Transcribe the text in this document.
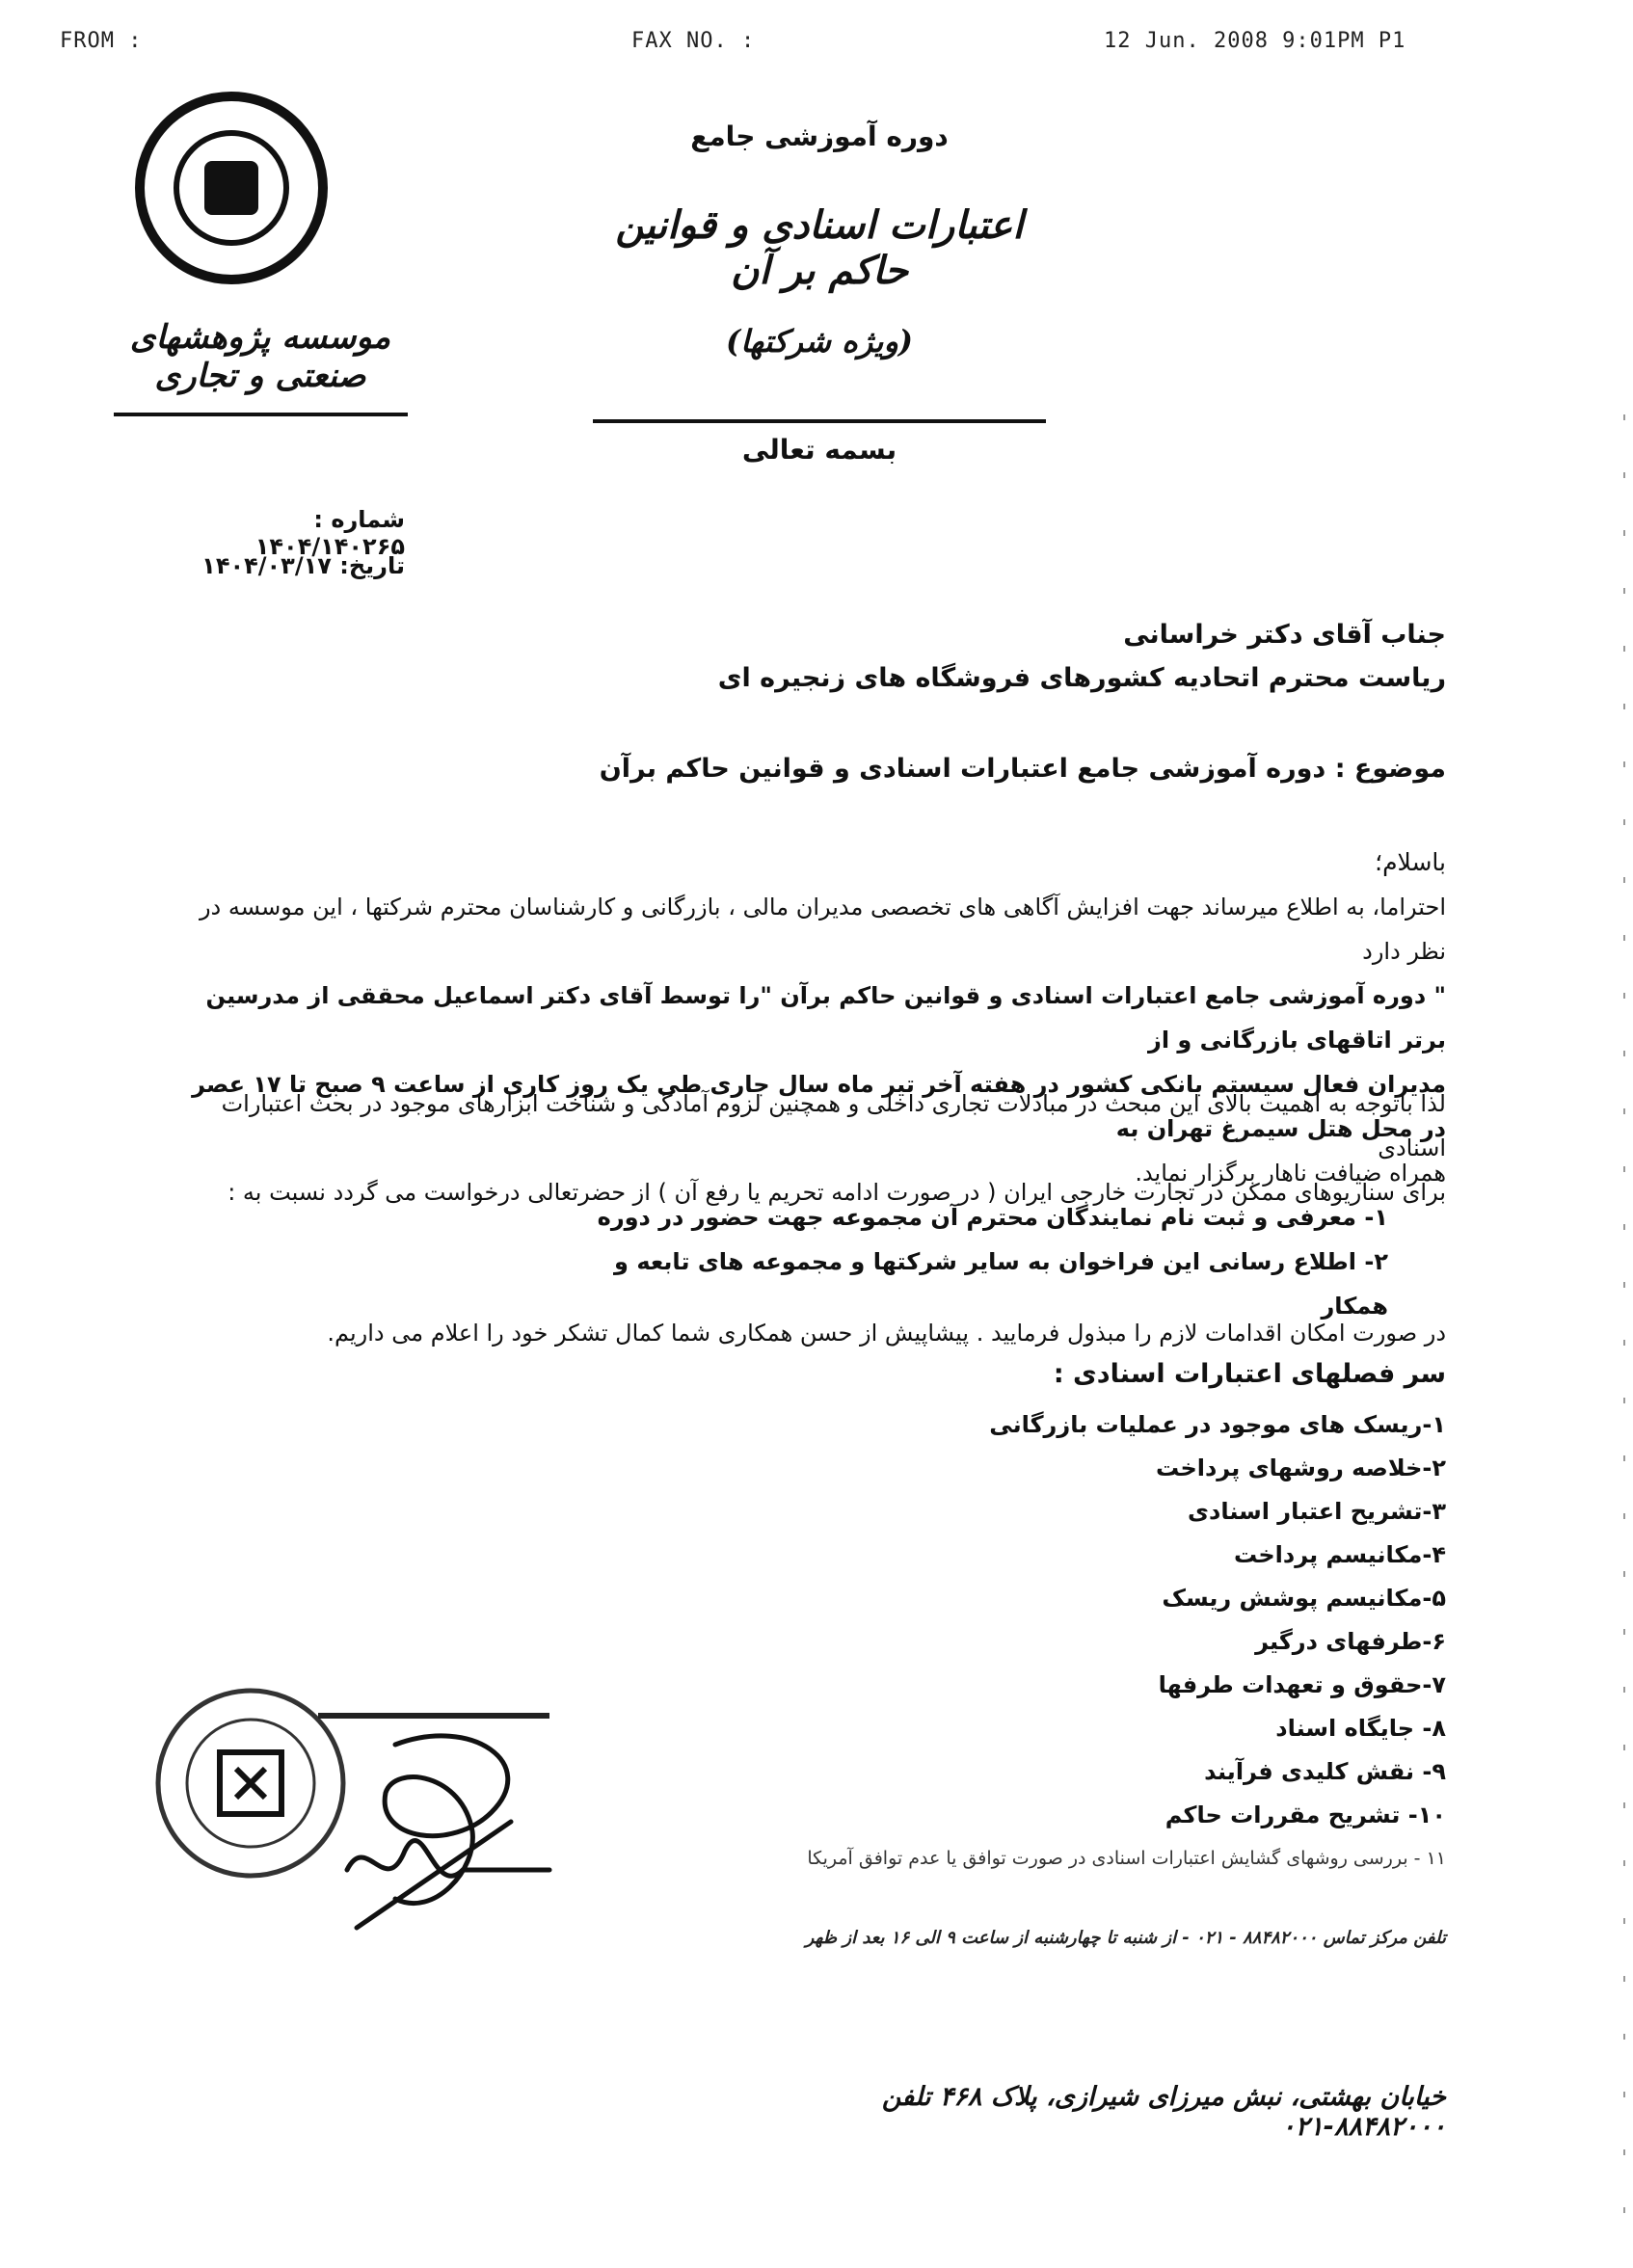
FROM :	FAX NO. :	12 Jun. 2008 9:01PM P1
موسسه پژوهشهای صنعتی و تجاری
دوره آموزشی جامع
اعتبارات اسنادی و قوانین حاکم بر آن
(ویژه شرکتها)
بسمه تعالی
شماره : ۱۴۰۴/۱۴۰۲۶۵
تاریخ: ۱۴۰۴/۰۳/۱۷
جناب آقای دکتر خراسانی
ریاست محترم اتحادیه کشورهای فروشگاه های زنجیره ای
موضوع : دوره آموزشی جامع اعتبارات اسنادی و قوانین حاکم برآن
باسلام؛
احتراما، به اطلاع میرساند جهت افزایش آگاهی های تخصصی مدیران مالی ، بازرگانی و کارشناسان محترم شرکتها ، این موسسه در نظر دارد
" دوره آموزشی جامع اعتبارات اسنادی و قوانین حاکم برآن "را توسط آقای دکتر اسماعیل محققی از مدرسین برتر اتاقهای بازرگانی و از
مدیران فعال سیستم بانکی کشور در هفته آخر تیر ماه سال جاری طی یک روز کاری از ساعت ۹ صبح تا ۱۷ عصر در محل هتل سیمرغ تهران به
همراه ضیافت ناهار برگزار نماید.
لذا باتوجه به اهمیت بالای این مبحث در مبادلات تجاری داخلی و همچنین لزوم آمادگی و شناخت ابزارهای موجود در بحث اعتبارات اسنادی
برای سناریوهای ممکن در تجارت خارجی ایران ( در صورت ادامه تحریم یا رفع آن ) از حضرتعالی درخواست می گردد نسبت به :
۱- معرفی و ثبت نام نمایندگان محترم آن مجموعه جهت حضور در دوره
۲- اطلاع رسانی این فراخوان به سایر شرکتها و مجموعه های تابعه و همکار
در صورت امکان اقدامات لازم را مبذول فرمایید . پیشاپیش از حسن همکاری شما کمال تشکر خود را اعلام می داریم.
سر فصلهای اعتبارات اسنادی :
۱-ریسک های موجود در عملیات بازرگانی
۲-خلاصه روشهای پرداخت
۳-تشریح اعتبار اسنادی
۴-مکانیسم پرداخت
۵-مکانیسم پوشش ریسک
۶-طرفهای درگیر
۷-حقوق و تعهدات طرفها
۸- جایگاه اسناد
۹- نقش کلیدی فرآیند
۱۰- تشریح مقررات حاکم
۱۱ - بررسی روشهای گشایش اعتبارات اسنادی در صورت توافق یا عدم توافق آمریکا
تلفن مرکز تماس ۸۸۴۸۲۰۰۰ - ۰۲۱ - از شنبه تا چهارشنبه از ساعت ۹ الی ۱۶ بعد از ظهر
خیابان بهشتی، نبش میرزای شیرازی، پلاک ۴۶۸ تلفن ۸۸۴۸۲۰۰۰-۰۲۱
